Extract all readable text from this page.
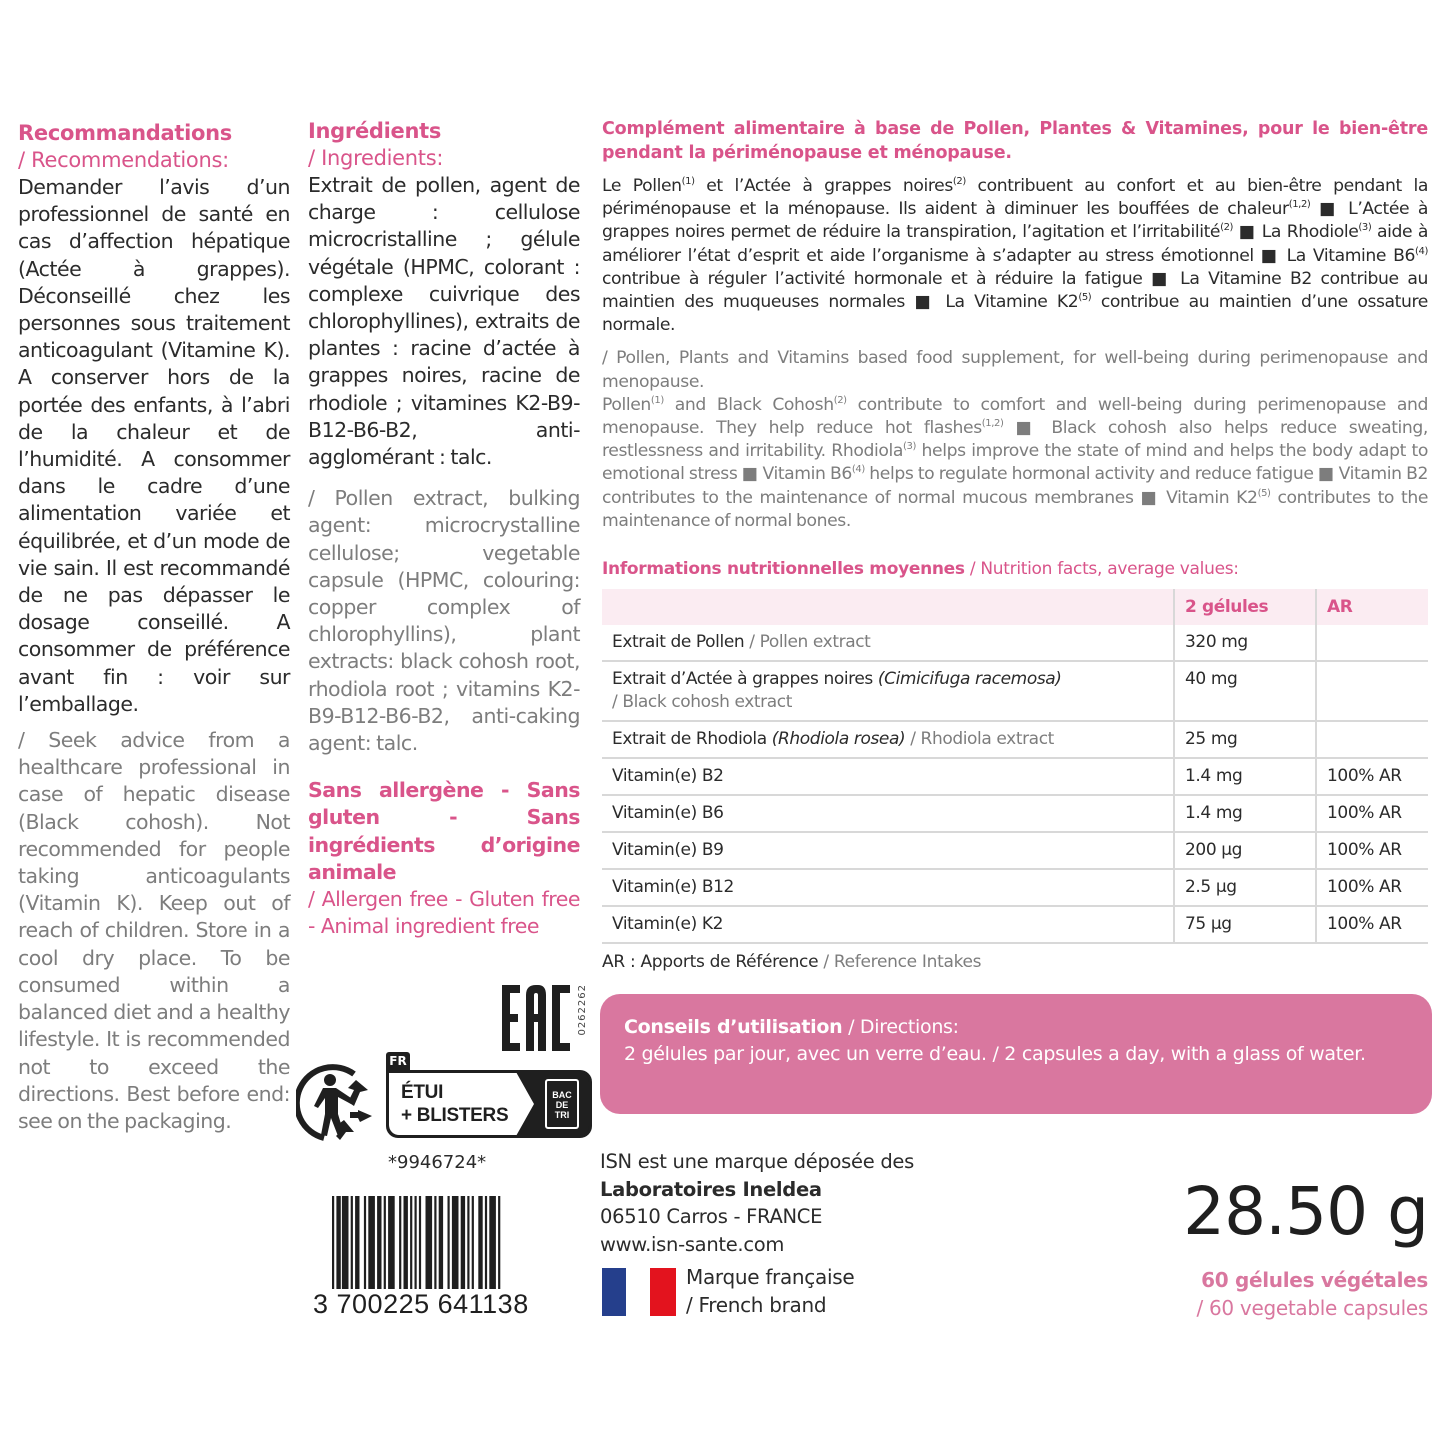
Recommandations
/ Recommendations:

Demander l’avis d’un professionnel de santé en cas d’affection hépatique (Actée à grappes). Déconseillé chez les personnes sous traitement anticoagulant (Vitamine K). A conserver hors de la portée des enfants, à l’abri de la chaleur et de l’humidité. A consommer dans le cadre d’une alimentation variée et équilibrée, et d’un mode de vie sain. Il est recommandé de ne pas dépasser le dosage conseillé. A consommer de préférence avant fin : voir sur l’emballage.

/ Seek advice from a healthcare professional in case of hepatic disease (Black cohosh). Not recommended for people taking anticoagulants (Vitamin K). Keep out of reach of children. Store in a cool dry place. To be consumed within a balanced diet and a healthy lifestyle. It is recommended not to exceed the directions. Best before end: see on the packaging.

Ingrédients
/ Ingredients:

Extrait de pollen, agent de charge : cellulose microcristalline ; gélule végétale (HPMC, colorant : complexe cuivrique des chlorophyllines), extraits de plantes : racine d’actée à grappes noires, racine de rhodiole ; vitamines K2-B9-B12-B6-B2, anti-agglomérant : talc.

/ Pollen extract, bulking agent: microcrystalline cellulose; vegetable capsule (HPMC, colouring: copper complex of chlorophyllins), plant extracts: black cohosh root, rhodiola root ; vitamins K2-B9-B12-B6-B2, anti-caking agent: talc.

Sans allergène - Sans gluten - Sans ingrédients d’origine animale

/ Allergen free - Gluten free - Animal ingredient free

Complément alimentaire à base de Pollen, Plantes & Vitamines, pour le bien-être pendant la périménopause et ménopause.

Le Pollen$^{(1)}$ et l’Actée à grappes noires$^{(2)}$ contribuent au confort et au bien-être pendant la périménopause et la ménopause. Ils aident à diminuer les bouffées de chaleur$^{(1,2)}$ ■ L’Actée à grappes noires permet de réduire la transpiration, l’agitation et l’irritabilité$^{(2)}$ ■ La Rhodiole$^{(3)}$ aide à améliorer l’état d’esprit et aide l’organisme à s’adapter au stress émotionnel ■ La Vitamine B6$^{(4)}$ contribue à réguler l’activité hormonale et à réduire la fatigue ■ La Vitamine B2 contribue au maintien des muqueuses normales ■ La Vitamine K2$^{(5)}$ contribue au maintien d’une ossature normale.

/ Pollen, Plants and Vitamins based food supplement, for well-being during perimenopause and menopause.
Pollen$^{(1)}$ and Black Cohosh$^{(2)}$ contribute to comfort and well-being during perimenopause and menopause. They help reduce hot flashes$^{(1,2)}$ ■ Black cohosh also helps reduce sweating, restlessness and irritability. Rhodiola$^{(3)}$ helps improve the state of mind and helps the body adapt to emotional stress ■ Vitamin B6$^{(4)}$ helps to regulate hormonal activity and reduce fatigue ■ Vitamin B2 contributes to the maintenance of normal mucous membranes ■ Vitamin K2$^{(5)}$ contributes to the maintenance of normal bones.

Informations nutritionnelles moyennes / Nutrition facts, average values:
	2 gélules	AR
Extrait de Pollen / Pollen extract	320 mg	
Extrait d’Actée à grappes noires (Cimicifuga racemosa)
/ Black cohosh extract	40 mg	
Extrait de Rhodiola (Rhodiola rosea) / Rhodiola extract	25 mg	
Vitamin(e) B2	1.4 mg	100% AR
Vitamin(e) B6	1.4 mg	100% AR
Vitamin(e) B9	200 µg	100% AR
Vitamin(e) B12	2.5 µg	100% AR
Vitamin(e) K2	75 µg	100% AR
AR : Apports de Référence / Reference Intakes
0262262
FR
ÉTUI
+ BLISTERS
BAC
DE
TRI
*9946724*
3 700225 641138
Conseils d’utilisation / Directions:
2 gélules par jour, avec un verre d’eau. / 2 capsules a day, with a glass of water.
ISN est une marque déposée des
Laboratoires Ineldea
06510 Carros - FRANCE
www.isn-sante.com
Marque française
/ French brand
28.50 g
60 gélules végétales
/ 60 vegetable capsules
